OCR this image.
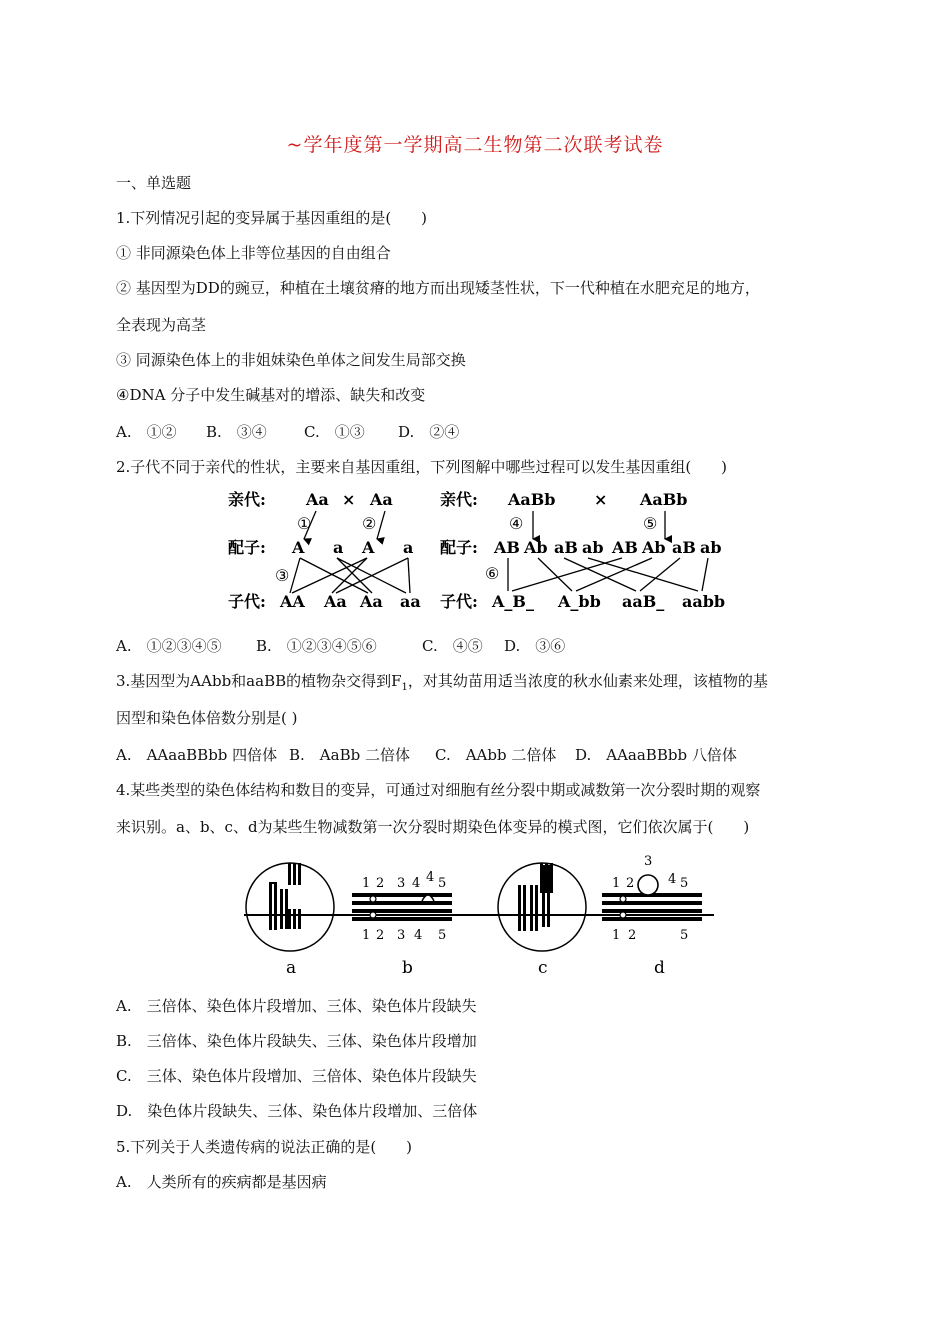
~学年度第一学期高二生物第二次联考试卷
一、单选题
1.下列情况引起的变异属于基因重组的是(　　)
① 非同源染色体上非等位基因的自由组合
② 基因型为DD的豌豆，种植在土壤贫瘠的地方而出现矮茎性状，下一代种植在水肥充足的地方，
全表现为高茎
③ 同源染色体上的非姐妹染色单体之间发生局部交换
④DNA 分子中发生碱基对的增添、缺失和改变
A.　①② B.　③④ C.　①③ D.　②④
2.子代不同于亲代的性状，主要来自基因重组，下列图解中哪些过程可以发生基因重组(　　)
亲代:	Aa × Aa
①	②
配子: A a A a
③
子代: AA Aa Aa aa
亲代: AaBb × AaBb
④	⑤
配子: AB Ab aB ab AB Ab aB ab
⑥
子代: A_B_ A_bb aaB_ aabb
A.　①②③④⑤ B.　①②③④⑤⑥	C.　④⑤ D.　③⑥
3.基因型为AAbb和aaBB的植物杂交得到$F_1$，对其幼苗用适当浓度的秋水仙素来处理，该植物的基
因型和染色体倍数分别是( )
A.　AAaaBBbb 四倍体 B.　AaBb 二倍体 C.　AAbb 二倍体 D.　AAaaBBbb 八倍体
4.某些类型的染色体结构和数目的变异，可通过对细胞有丝分裂中期或减数第一次分裂时期的观察
来识别。a、b、c、d为某些生物减数第一次分裂时期染色体变异的模式图，它们依次属于(　　)
1 2 3 4 4 5
1 2 3 4 5
1 2
3
4 5
1 2	5
a	b	c	d
A.　三倍体、染色体片段增加、三体、染色体片段缺失
B.　三倍体、染色体片段缺失、三体、染色体片段增加
C.　三体、染色体片段增加、三倍体、染色体片段缺失
D.　染色体片段缺失、三体、染色体片段增加、三倍体
5.下列关于人类遗传病的说法正确的是(　　)
A.　人类所有的疾病都是基因病
